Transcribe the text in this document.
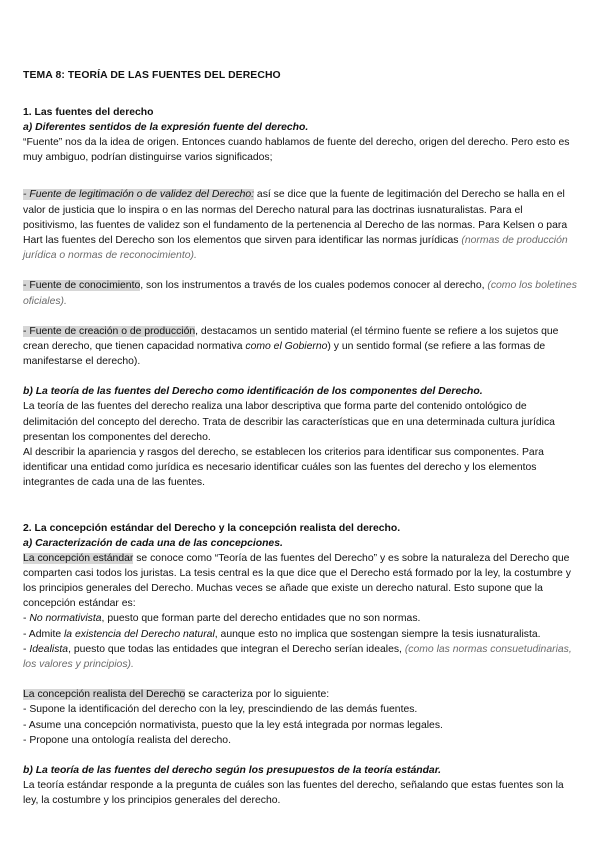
TEMA 8: TEORÍA DE LAS FUENTES DEL DERECHO

1. Las fuentes del derecho

a) Diferentes sentidos de la expresión fuente del derecho.

“Fuente” nos da la idea de origen. Entonces cuando hablamos de fuente del derecho, origen del derecho. Pero esto es muy ambiguo, podrían distinguirse varios significados;

- Fuente de legitimación o de validez del Derecho: así se dice que la fuente de legitimación del Derecho se halla en el valor de justicia que lo inspira o en las normas del Derecho natural para las doctrinas iusnaturalistas. Para el positivismo, las fuentes de validez son el fundamento de la pertenencia al Derecho de las normas. Para Kelsen o para Hart las fuentes del Derecho son los elementos que sirven para identificar las normas jurídicas (normas de producción jurídica o normas de reconocimiento).

- Fuente de conocimiento, son los instrumentos a través de los cuales podemos conocer al derecho, (como los boletines oficiales).

- Fuente de creación o de producción, destacamos un sentido material (el término fuente se refiere a los sujetos que crean derecho, que tienen capacidad normativa como el Gobierno) y un sentido formal (se refiere a las formas de manifestarse el derecho).

b) La teoría de las fuentes del Derecho como identificación de los componentes del Derecho.

La teoría de las fuentes del derecho realiza una labor descriptiva que forma parte del contenido ontológico de delimitación del concepto del derecho. Trata de describir las características que en una determinada cultura jurídica presentan los componentes del derecho.

Al describir la apariencia y rasgos del derecho, se establecen los criterios para identificar sus componentes. Para identificar una entidad como jurídica es necesario identificar cuáles son las fuentes del derecho y los elementos integrantes de cada una de las fuentes.

2. La concepción estándar del Derecho y la concepción realista del derecho.

a) Caracterización de cada una de las concepciones.

La concepción estándar se conoce como “Teoría de las fuentes del Derecho” y es sobre la naturaleza del Derecho que comparten casi todos los juristas. La tesis central es la que dice que el Derecho está formado por la ley, la costumbre y los principios generales del Derecho. Muchas veces se añade que existe un derecho natural. Esto supone que la concepción estándar es:

- No normativista, puesto que forman parte del derecho entidades que no son normas.

- Admite la existencia del Derecho natural, aunque esto no implica que sostengan siempre la tesis iusnaturalista.

- Idealista, puesto que todas las entidades que integran el Derecho serían ideales, (como las normas consuetudinarias, los valores y principios).

La concepción realista del Derecho se caracteriza por lo siguiente:

- Supone la identificación del derecho con la ley, prescindiendo de las demás fuentes.

- Asume una concepción normativista, puesto que la ley está integrada por normas legales.

- Propone una ontología realista del derecho.

b) La teoría de las fuentes del derecho según los presupuestos de la teoría estándar.

La teoría estándar responde a la pregunta de cuáles son las fuentes del derecho, señalando que estas fuentes son la ley, la costumbre y los principios generales del derecho.
